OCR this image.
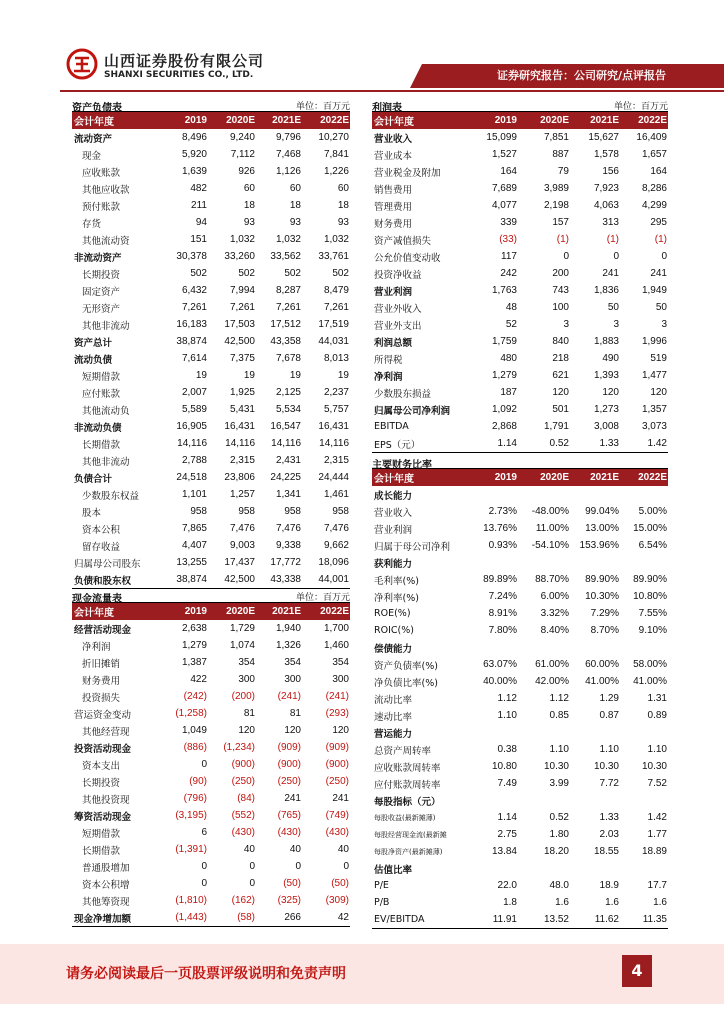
山西证券股份有限公司
SHANXI SECURITIES CO., LTD.	证券研究报告：公司研究/点评报告
资产负债表	单位：百万元
会计年度	2019	2020E	2021E	2022E
流动资产	8,496	9,240	9,796	10,270
现金	5,920	7,112	7,468	7,841
应收账款	1,639	926	1,126	1,226
其他应收款	482	60	60	60
预付账款	211	18	18	18
存货	94	93	93	93
其他流动资	151	1,032	1,032	1,032
非流动资产	30,378	33,260	33,562	33,761
长期投资	502	502	502	502
固定资产	6,432	7,994	8,287	8,479
无形资产	7,261	7,261	7,261	7,261
其他非流动	16,183	17,503	17,512	17,519
资产总计	38,874	42,500	43,358	44,031
流动负债	7,614	7,375	7,678	8,013
短期借款	19	19	19	19
应付账款	2,007	1,925	2,125	2,237
其他流动负	5,589	5,431	5,534	5,757
非流动负债	16,905	16,431	16,547	16,431
长期借款	14,116	14,116	14,116	14,116
其他非流动	2,788	2,315	2,431	2,315
负债合计	24,518	23,806	24,225	24,444
少数股东权益	1,101	1,257	1,341	1,461
股本	958	958	958	958
资本公积	7,865	7,476	7,476	7,476
留存收益	4,407	9,003	9,338	9,662
归属母公司股东	13,255	17,437	17,772	18,096
负债和股东权	38,874	42,500	43,338	44,001
利润表	单位：百万元
会计年度	2019	2020E	2021E	2022E
营业收入	15,099	7,851	15,627	16,409
营业成本	1,527	887	1,578	1,657
营业税金及附加	164	79	156	164
销售费用	7,689	3,989	7,923	8,286
管理费用	4,077	2,198	4,063	4,299
财务费用	339	157	313	295
资产减值损失	(33)	(1)	(1)	(1)
公允价值变动收	117	0	0	0
投资净收益	242	200	241	241
营业利润	1,763	743	1,836	1,949
营业外收入	48	100	50	50
营业外支出	52	3	3	3
利润总额	1,759	840	1,883	1,996
所得税	480	218	490	519
净利润	1,279	621	1,393	1,477
少数股东损益	187	120	120	120
归属母公司净利润	1,092	501	1,273	1,357
EBITDA	2,868	1,791	3,008	3,073
EPS（元）	1.14	0.52	1.33	1.42
主要财务比率
会计年度	2019	2020E	2021E	2022E
成长能力				
营业收入	2.73%	-48.00%	99.04%	5.00%
营业利润	13.76%	11.00%	13.00%	15.00%
归属于母公司净利	0.93%	-54.10%	153.96%	6.54%
获利能力				
毛利率(%)	89.89%	88.70%	89.90%	89.90%
净利率(%)	7.24%	6.00%	10.30%	10.80%
ROE(%)	8.91%	3.32%	7.29%	7.55%
ROIC(%)	7.80%	8.40%	8.70%	9.10%
偿债能力				
资产负债率(%)	63.07%	61.00%	60.00%	58.00%
净负债比率(%)	40.00%	42.00%	41.00%	41.00%
流动比率	1.12	1.12	1.29	1.31
速动比率	1.10	0.85	0.87	0.89
营运能力				
总资产周转率	0.38	1.10	1.10	1.10
应收账款周转率	10.80	10.30	10.30	10.30
应付账款周转率	7.49	3.99	7.72	7.52
每股指标（元）				
每股收益(最新摊薄)	1.14	0.52	1.33	1.42
每股经营现金流(最新摊	2.75	1.80	2.03	1.77
每股净资产(最新摊薄)	13.84	18.20	18.55	18.89
估值比率				
P/E	22.0	48.0	18.9	17.7
P/B	1.8	1.6	1.6	1.6
EV/EBITDA	11.91	13.52	11.62	11.35
现金流量表	单位：百万元
会计年度	2019	2020E	2021E	2022E
经营活动现金	2,638	1,729	1,940	1,700
净利润	1,279	1,074	1,326	1,460
折旧摊销	1,387	354	354	354
财务费用	422	300	300	300
投资损失	(242)	(200)	(241)	(241)
营运资金变动	(1,258)	81	81	(293)
其他经营现	1,049	120	120	120
投资活动现金	(886)	(1,234)	(909)	(909)
资本支出	0	(900)	(900)	(900)
长期投资	(90)	(250)	(250)	(250)
其他投资现	(796)	(84)	241	241
筹资活动现金	(3,195)	(552)	(765)	(749)
短期借款	6	(430)	(430)	(430)
长期借款	(1,391)	40	40	40
普通股增加	0	0	0	0
资本公积增	0	0	(50)	(50)
其他筹资现	(1,810)	(162)	(325)	(309)
现金净增加额	(1,443)	(58)	266	42
请务必阅读最后一页股票评级说明和免责声明	4
